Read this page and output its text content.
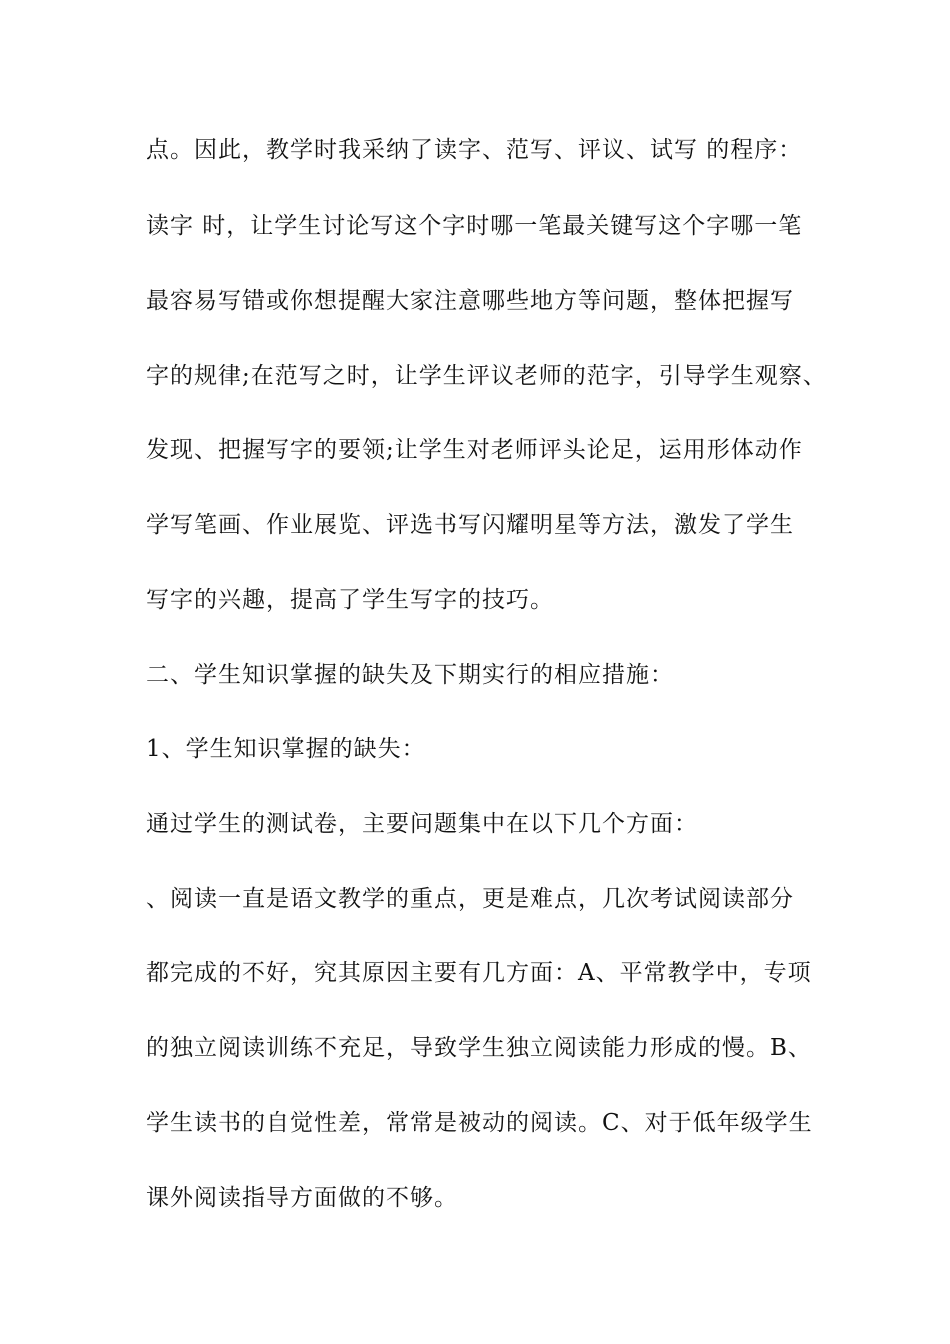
点。因此，教学时我采纳了读字、范写、评议、试写 的程序：
读字 时，让学生讨论写这个字时哪一笔最关键写这个字哪一笔
最容易写错或你想提醒大家注意哪些地方等问题，整体把握写
字的规律;在范写之时，让学生评议老师的范字，引导学生观察、
发现、把握写字的要领;让学生对老师评头论足，运用形体动作
学写笔画、作业展览、评选书写闪耀明星等方法，激发了学生
写字的兴趣，提高了学生写字的技巧。
二、学生知识掌握的缺失及下期实行的相应措施：
1、学生知识掌握的缺失：
通过学生的测试卷，主要问题集中在以下几个方面：
、阅读一直是语文教学的重点，更是难点，几次考试阅读部分
都完成的不好，究其原因主要有几方面：A、平常教学中，专项
的独立阅读训练不充足，导致学生独立阅读能力形成的慢。B、
学生读书的自觉性差，常常是被动的阅读。C、对于低年级学生
课外阅读指导方面做的不够。
